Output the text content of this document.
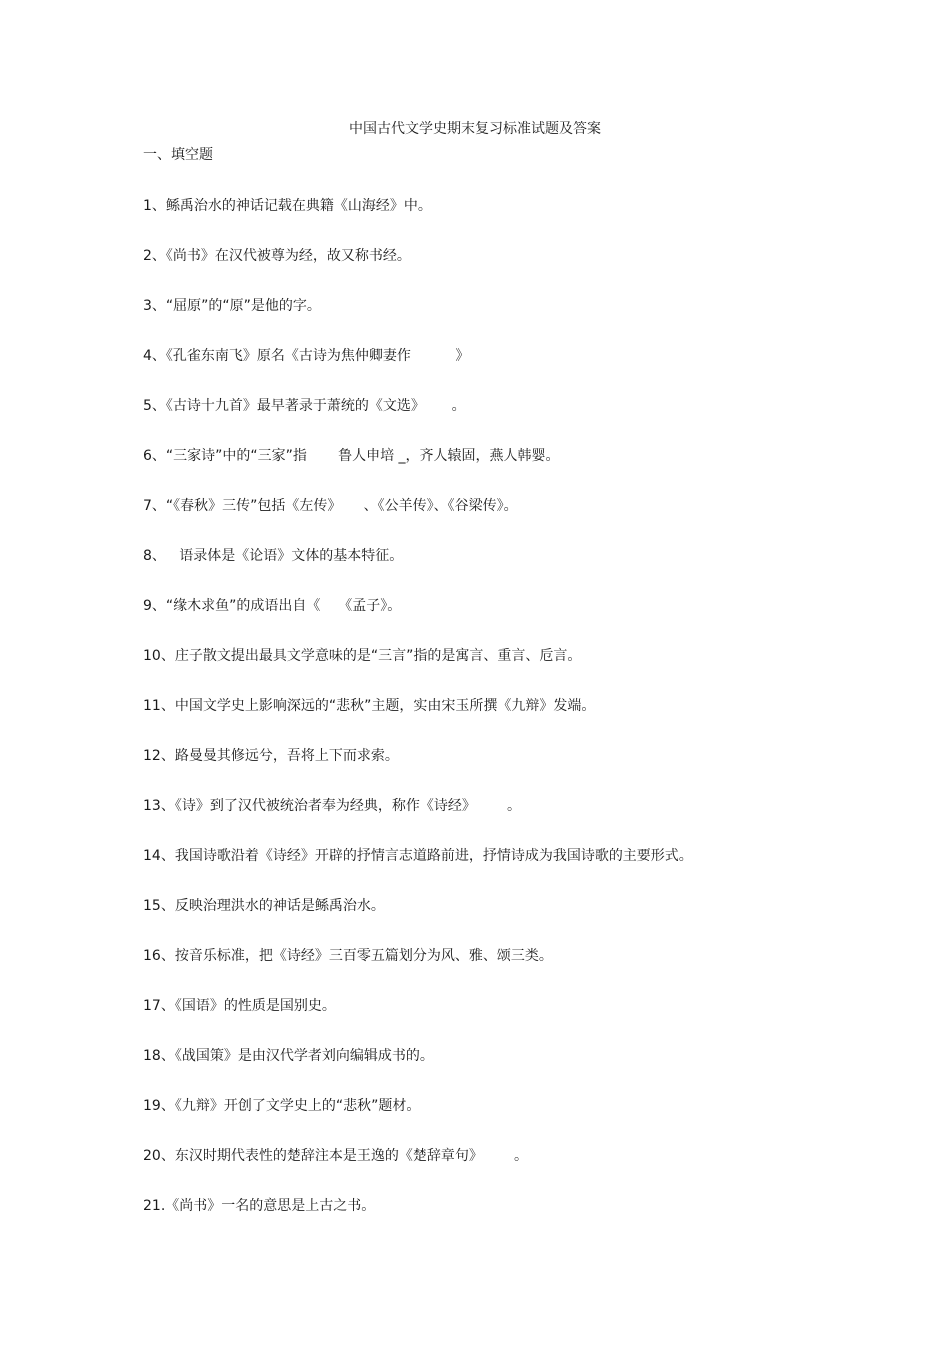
中国古代文学史期末复习标准试题及答案
一、填空题
1、鲧禹治水的神话记载在典籍《山海经》中。
2、《尚书》在汉代被尊为经，故又称书经。
3、“屈原”的“原”是他的字。
4、《孔雀东南飞》原名《古诗为焦仲卿妻作          》
5、《古诗十九首》最早著录于萧统的《文选》      。
6、“三家诗”中的“三家”指       鲁人申培 _，齐人辕固，燕人韩婴。
7、“《春秋》三传”包括《左传》     、《公羊传》、《谷梁传》。
8、   语录体是《论语》文体的基本特征。
9、“缘木求鱼”的成语出自《    《孟子》。
10、庄子散文提出最具文学意味的是“三言”指的是寓言、重言、卮言。
11、中国文学史上影响深远的“悲秋”主题，实由宋玉所撰《九辩》发端。
12、路曼曼其修远兮，吾将上下而求索。
13、《诗》到了汉代被统治者奉为经典，称作《诗经》       。
14、我国诗歌沿着《诗经》开辟的抒情言志道路前进，抒情诗成为我国诗歌的主要形式。
15、反映治理洪水的神话是鲧禹治水。
16、按音乐标准，把《诗经》三百零五篇划分为风、雅、颂三类。
17、《国语》的性质是国别史。
18、《战国策》是由汉代学者刘向编辑成书的。
19、《九辩》开创了文学史上的“悲秋”题材。
20、东汉时期代表性的楚辞注本是王逸的《楚辞章句》       。
21.《尚书》一名的意思是上古之书。
